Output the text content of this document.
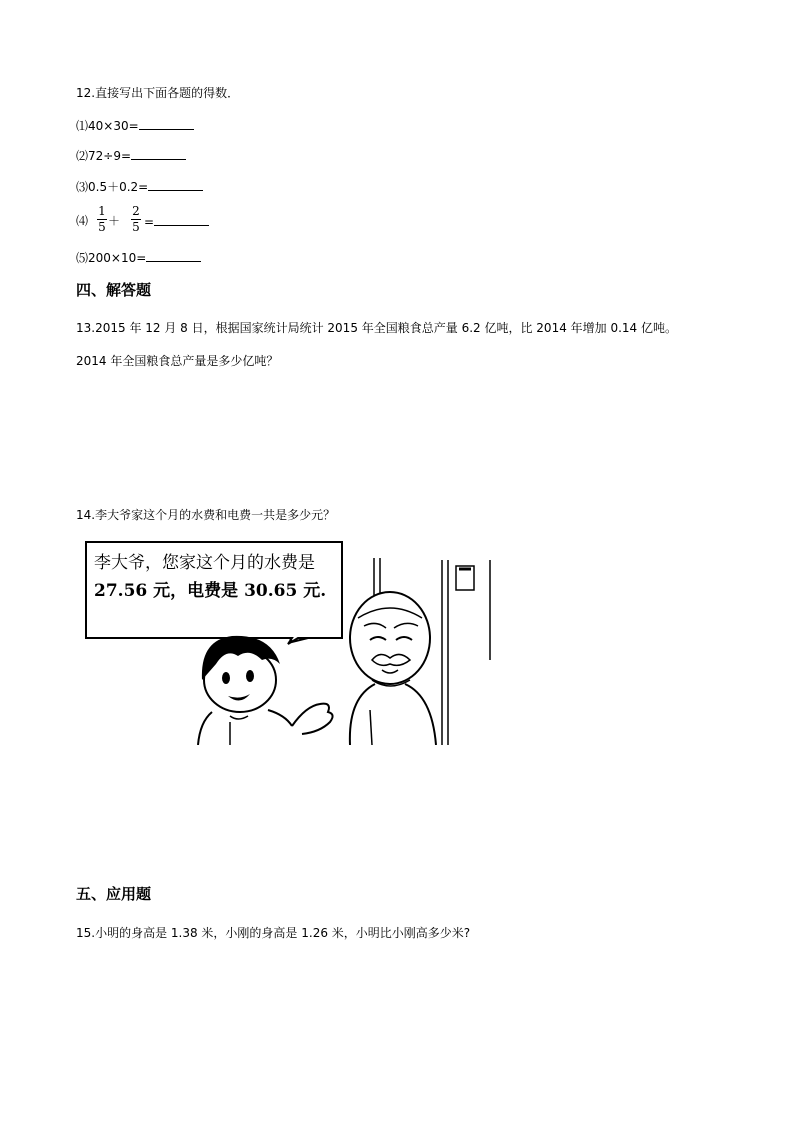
12.直接写出下面各题的得数．
⑴40×30=
⑵72÷9=
⑶0.5＋0.2=
⑷
1
5 ＋
2
5 =
⑸200×10=
四、解答题
13.2015 年 12 月 8 日，根据国家统计局统计 2015 年全国粮食总产量 6.2 亿吨，比 2014 年增加 0.14 亿吨。
2014 年全国粮食总产量是多少亿吨？
14.李大爷家这个月的水费和电费一共是多少元？
李大爷，您家这个月的水费是
27.56 元，电费是 30.65 元.
五、应用题
15.小明的身高是 1.38 米，小刚的身高是 1.26 米，小明比小刚高多少米?
